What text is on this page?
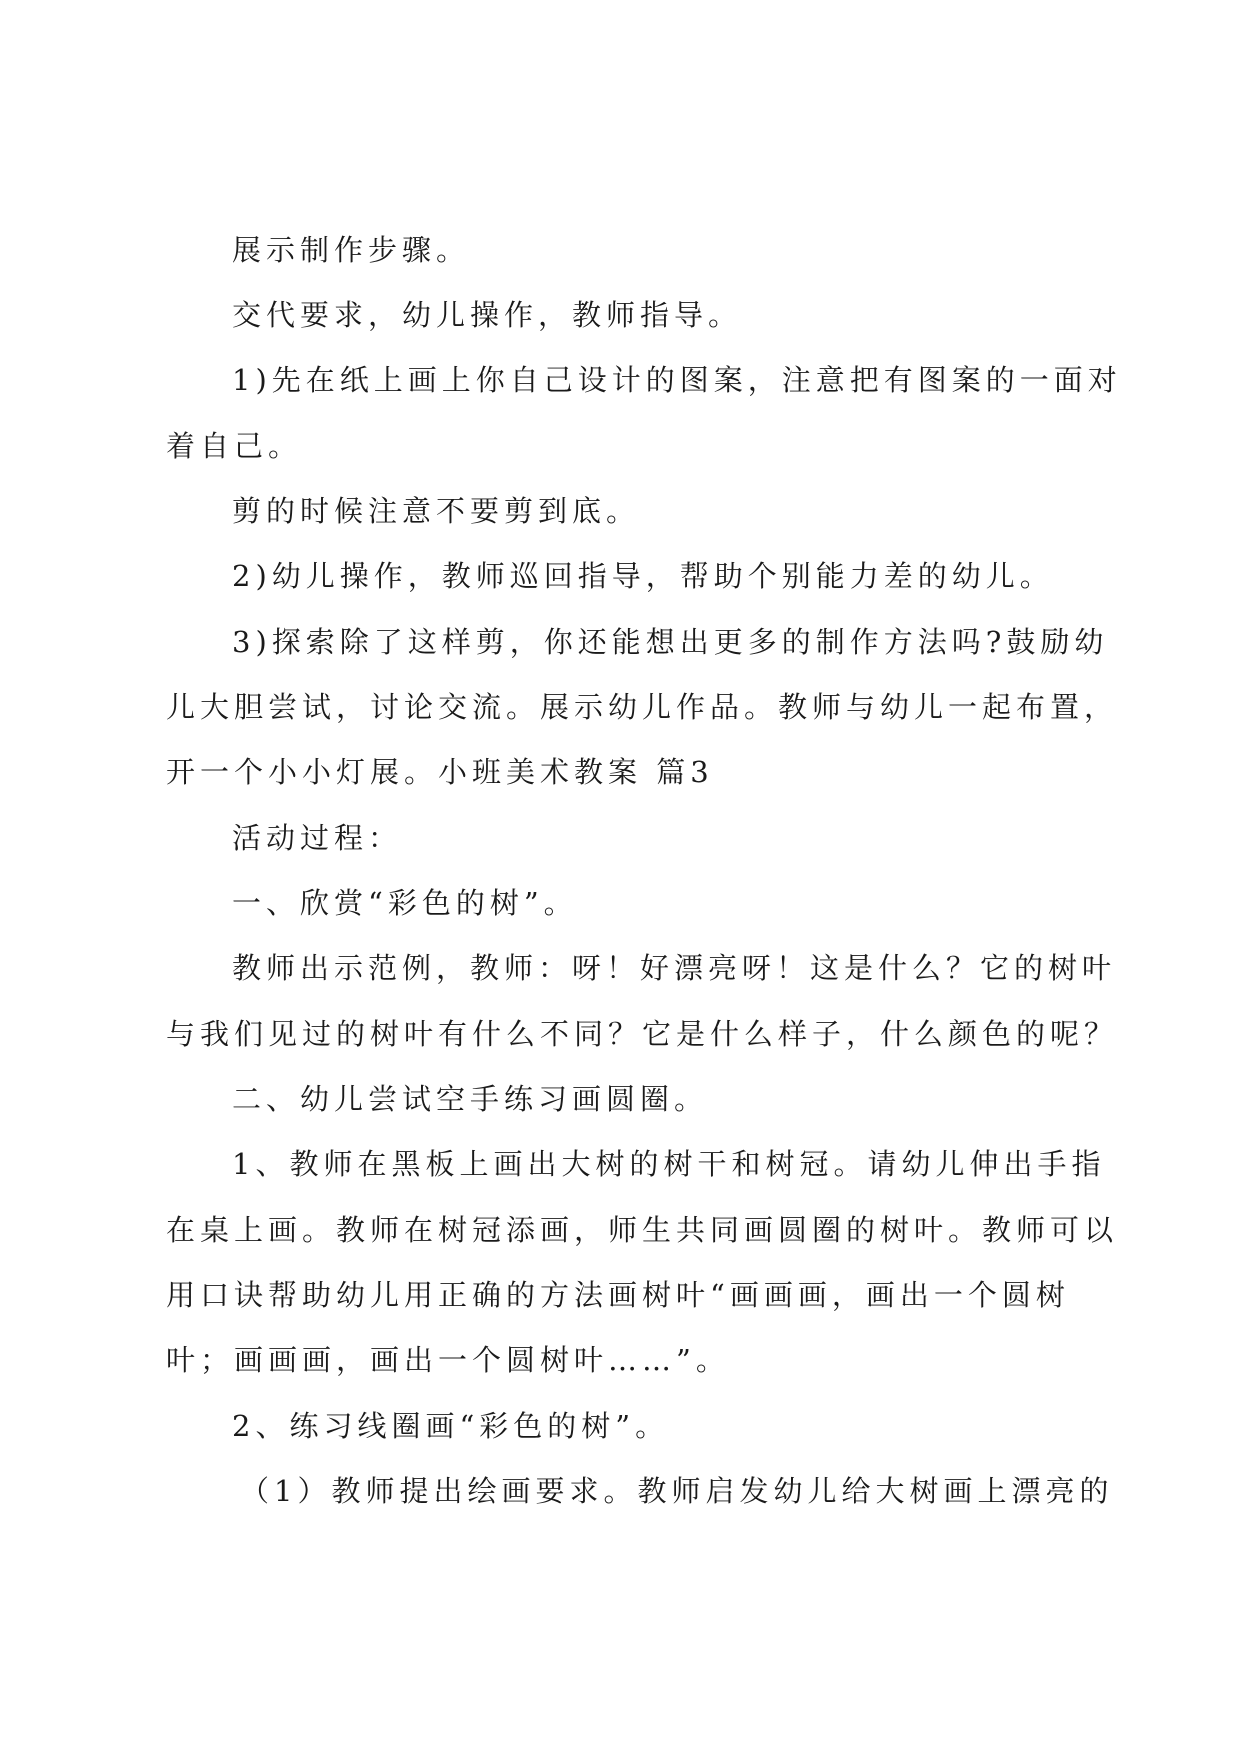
展示制作步骤。
交代要求，幼儿操作，教师指导。
1)先在纸上画上你自己设计的图案，注意把有图案的一面对
着自己。
剪的时候注意不要剪到底。
2)幼儿操作，教师巡回指导，帮助个别能力差的幼儿。
3)探索除了这样剪，你还能想出更多的制作方法吗?鼓励幼
儿大胆尝试，讨论交流。展示幼儿作品。教师与幼儿一起布置，
开一个小小灯展。小班美术教案 篇3
活动过程：
一、欣赏“彩色的树”。
教师出示范例，教师：呀！好漂亮呀！这是什么？它的树叶
与我们见过的树叶有什么不同？它是什么样子，什么颜色的呢？
二、幼儿尝试空手练习画圆圈。
1、教师在黑板上画出大树的树干和树冠。请幼儿伸出手指
在桌上画。教师在树冠添画，师生共同画圆圈的树叶。教师可以
用口诀帮助幼儿用正确的方法画树叶“画画画，画出一个圆树
叶；画画画，画出一个圆树叶……”。
2、练习线圈画“彩色的树”。
（1）教师提出绘画要求。教师启发幼儿给大树画上漂亮的
